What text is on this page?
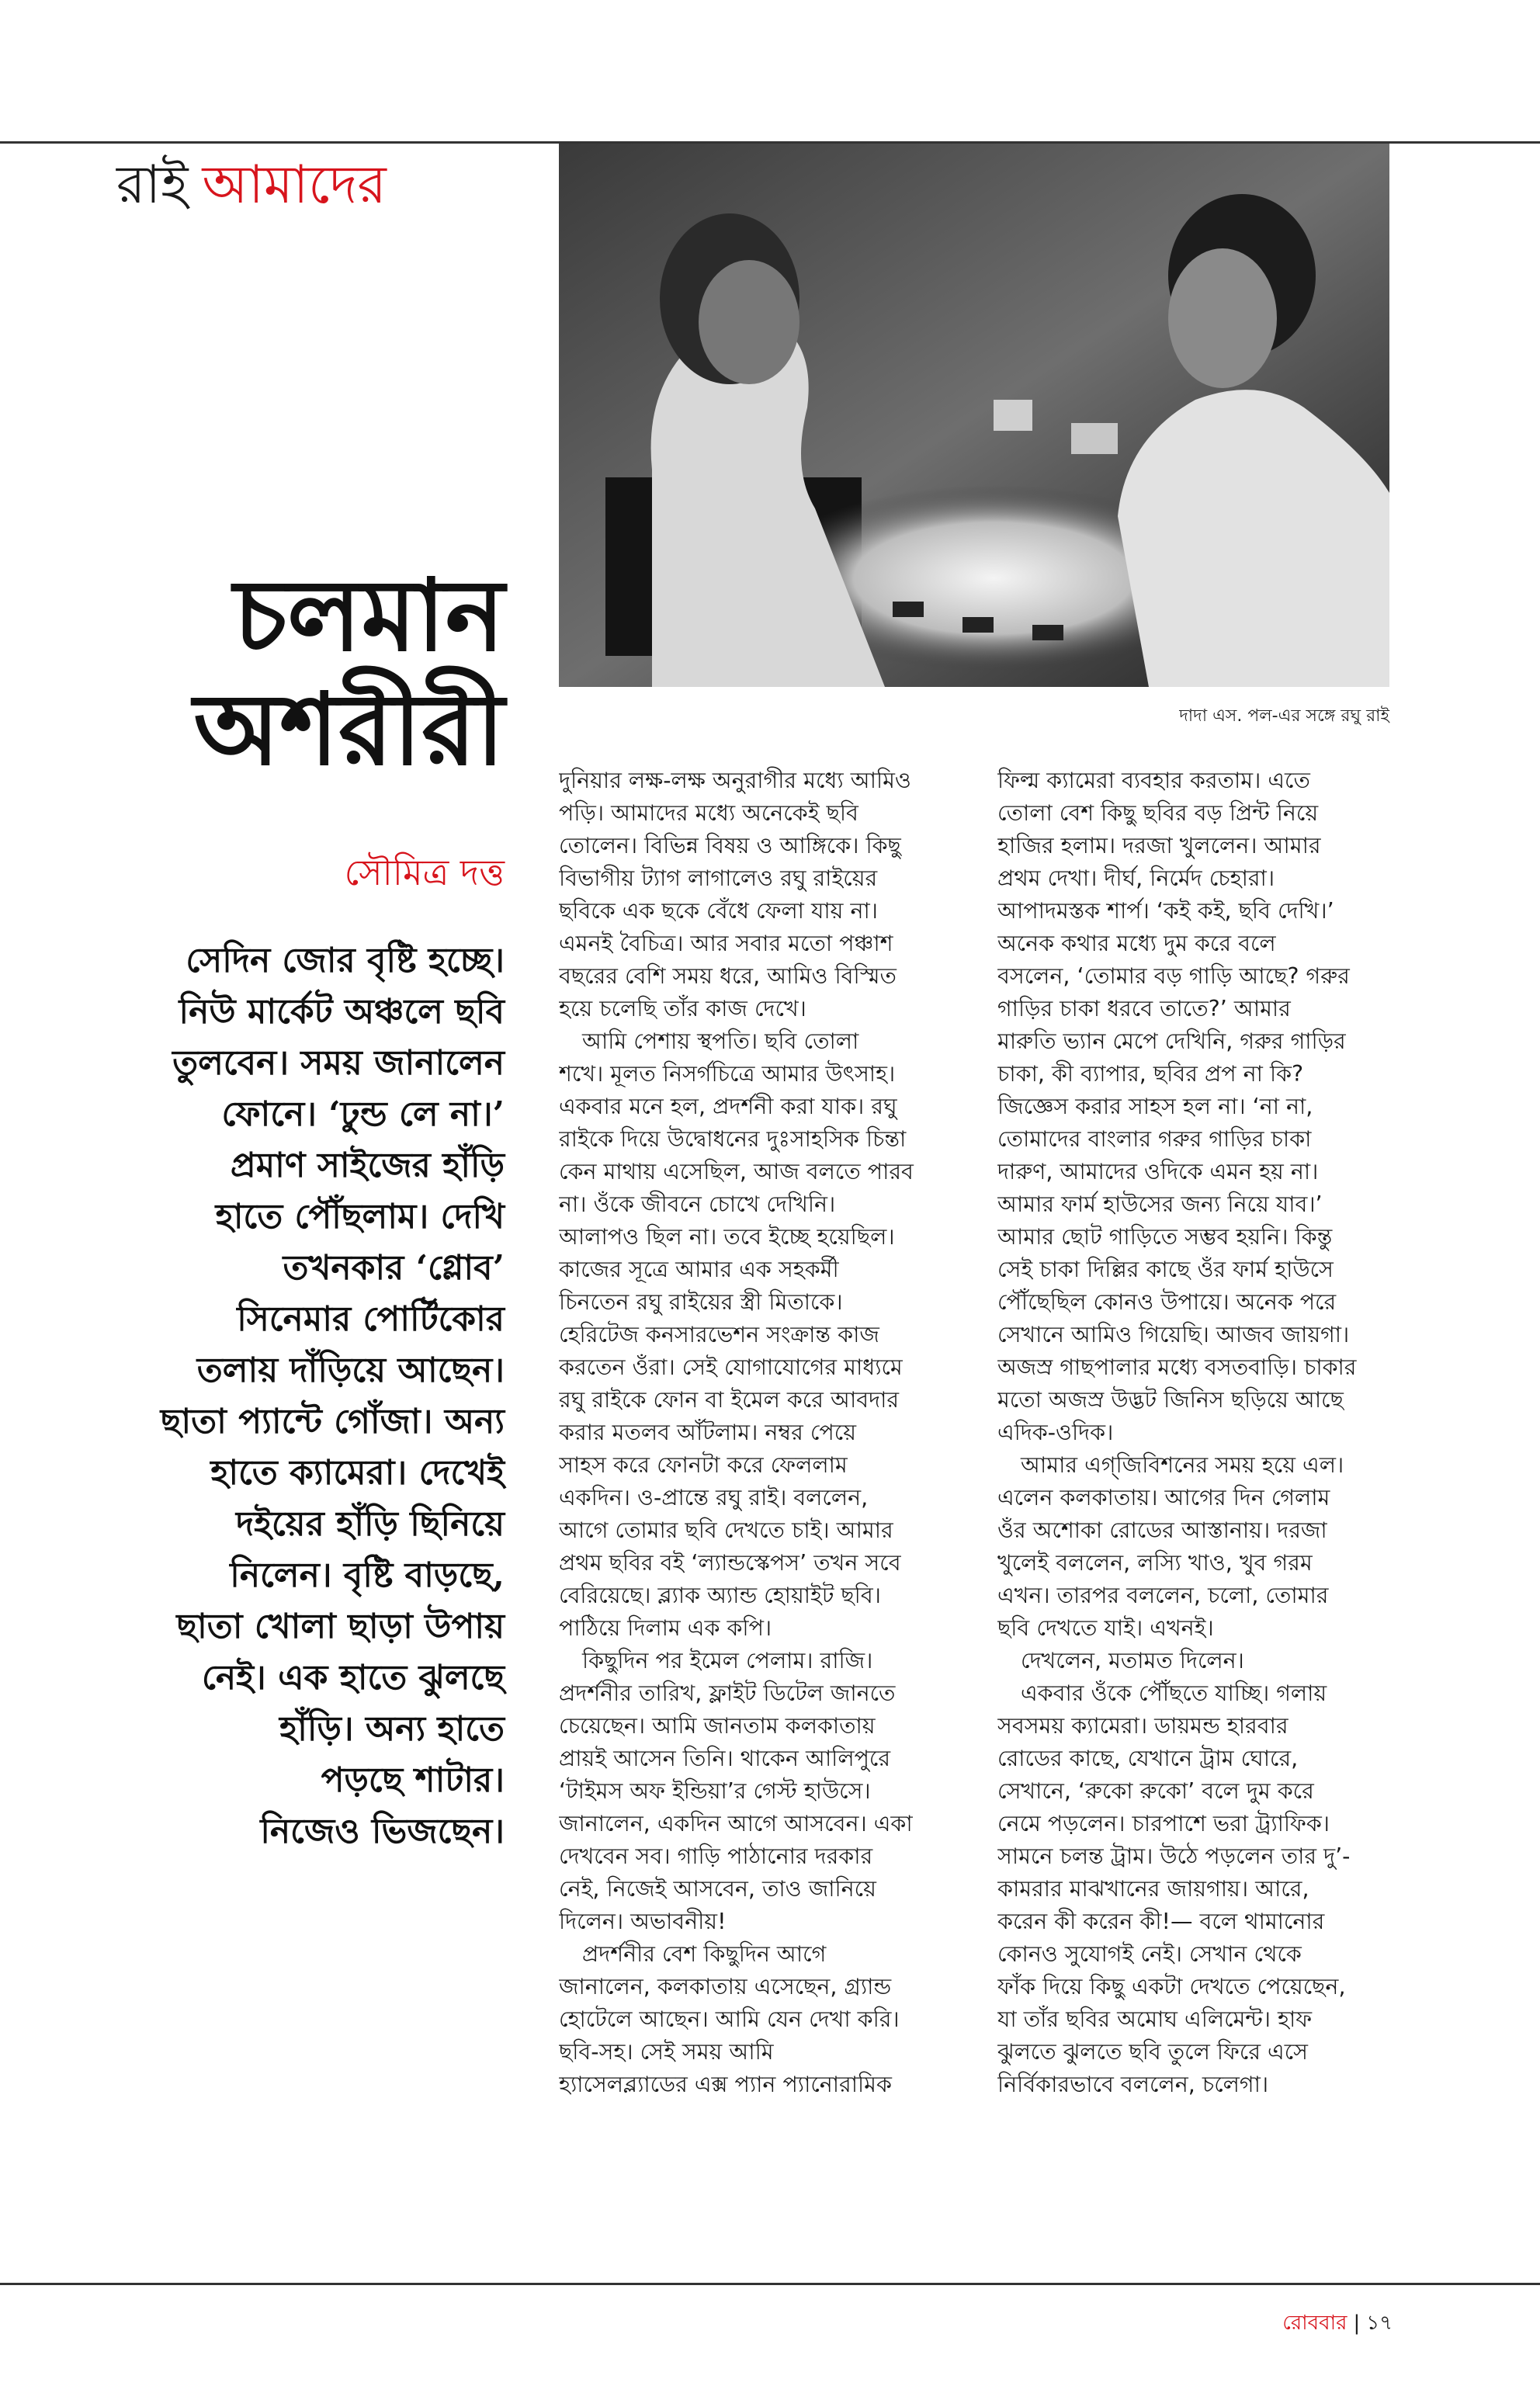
রাই আমাদের
দাদা এস. পল-এর সঙ্গে রঘু রাই
চলমান
অশরীরী
সৌমিত্র দত্ত
সেদিন জোর বৃষ্টি হচ্ছে।
নিউ মার্কেট অঞ্চলে ছবি
তুলবেন। সময় জানালেন
ফোনে। ‘ঢুন্ড লে না।’
প্রমাণ সাইজের হাঁড়ি
হাতে পৌঁছলাম। দেখি
তখনকার ‘গ্লোব’
সিনেমার পোর্টিকোর
তলায় দাঁড়িয়ে আছেন।
ছাতা প্যান্টে গোঁজা। অন্য
হাতে ক্যামেরা। দেখেই
দইয়ের হাঁড়ি ছিনিয়ে
নিলেন। বৃষ্টি বাড়ছে,
ছাতা খোলা ছাড়া উপায়
নেই। এক হাতে ঝুলছে
হাঁড়ি। অন্য হাতে
পড়ছে শাটার।
নিজেও ভিজছেন।
দুনিয়ার লক্ষ-লক্ষ অনুরাগীর মধ্যে আমিও
পড়ি। আমাদের মধ্যে অনেকেই ছবি
তোলেন। বিভিন্ন বিষয় ও আঙ্গিকে। কিছু
বিভাগীয় ট্যাগ লাগালেও রঘু রাইয়ের
ছবিকে এক ছকে বেঁধে ফেলা যায় না।
এমনই বৈচিত্র। আর সবার মতো পঞ্চাশ
বছরের বেশি সময় ধরে, আমিও বিস্মিত
হয়ে চলেছি তাঁর কাজ দেখে।
আমি পেশায় স্থপতি। ছবি তোলা
শখে। মূলত নিসর্গচিত্রে আমার উৎসাহ।
একবার মনে হল, প্রদর্শনী করা যাক। রঘু
রাইকে দিয়ে উদ্বোধনের দুঃসাহসিক চিন্তা
কেন মাথায় এসেছিল, আজ বলতে পারব
না। ওঁকে জীবনে চোখে দেখিনি।
আলাপও ছিল না। তবে ইচ্ছে হয়েছিল।
কাজের সূত্রে আমার এক সহকর্মী
চিনতেন রঘু রাইয়ের স্ত্রী মিতাকে।
হেরিটেজ কনসারভেশন সংক্রান্ত কাজ
করতেন ওঁরা। সেই যোগাযোগের মাধ্যমে
রঘু রাইকে ফোন বা ইমেল করে আবদার
করার মতলব আঁটলাম। নম্বর পেয়ে
সাহস করে ফোনটা করে ফেললাম
একদিন। ও-প্রান্তে রঘু রাই। বললেন,
আগে তোমার ছবি দেখতে চাই। আমার
প্রথম ছবির বই ‘ল্যান্ডস্কেপস’ তখন সবে
বেরিয়েছে। ব্ল্যাক অ্যান্ড হোয়াইট ছবি।
পাঠিয়ে দিলাম এক কপি।
কিছুদিন পর ইমেল পেলাম। রাজি।
প্রদর্শনীর তারিখ, ফ্লাইট ডিটেল জানতে
চেয়েছেন। আমি জানতাম কলকাতায়
প্রায়ই আসেন তিনি। থাকেন আলিপুরে
‘টাইমস অফ ইন্ডিয়া’র গেস্ট হাউসে।
জানালেন, একদিন আগে আসবেন। একা
দেখবেন সব। গাড়ি পাঠানোর দরকার
নেই, নিজেই আসবেন, তাও জানিয়ে
দিলেন। অভাবনীয়!
প্রদর্শনীর বেশ কিছুদিন আগে
জানালেন, কলকাতায় এসেছেন, গ্র্যান্ড
হোটেলে আছেন। আমি যেন দেখা করি।
ছবি-সহ। সেই সময় আমি
হ্যাসেলব্ল্যাডের এক্স প্যান প্যানোরামিক
ফিল্ম ক্যামেরা ব্যবহার করতাম। এতে
তোলা বেশ কিছু ছবির বড় প্রিন্ট নিয়ে
হাজির হলাম। দরজা খুললেন। আমার
প্রথম দেখা। দীর্ঘ, নির্মেদ চেহারা।
আপাদমস্তক শার্প। ‘কই কই, ছবি দেখি।’
অনেক কথার মধ্যে দুম করে বলে
বসলেন, ‘তোমার বড় গাড়ি আছে? গরুর
গাড়ির চাকা ধরবে তাতে?’ আমার
মারুতি ভ্যান মেপে দেখিনি, গরুর গাড়ির
চাকা, কী ব্যাপার, ছবির প্রপ না কি?
জিজ্ঞেস করার সাহস হল না। ‘না না,
তোমাদের বাংলার গরুর গাড়ির চাকা
দারুণ, আমাদের ওদিকে এমন হয় না।
আমার ফার্ম হাউসের জন্য নিয়ে যাব।’
আমার ছোট গাড়িতে সম্ভব হয়নি। কিন্তু
সেই চাকা দিল্লির কাছে ওঁর ফার্ম হাউসে
পৌঁছেছিল কোনও উপায়ে। অনেক পরে
সেখানে আমিও গিয়েছি। আজব জায়গা।
অজস্র গাছপালার মধ্যে বসতবাড়ি। চাকার
মতো অজস্র উদ্ভট জিনিস ছড়িয়ে আছে
এদিক-ওদিক।
আমার এগ্‌জিবিশনের সময় হয়ে এল।
এলেন কলকাতায়। আগের দিন গেলাম
ওঁর অশোকা রোডের আস্তানায়। দরজা
খুলেই বললেন, লস্যি খাও, খুব গরম
এখন। তারপর বললেন, চলো, তোমার
ছবি দেখতে যাই। এখনই।
দেখলেন, মতামত দিলেন।
একবার ওঁকে পৌঁছতে যাচ্ছি। গলায়
সবসময় ক্যামেরা। ডায়মন্ড হারবার
রোডের কাছে, যেখানে ট্রাম ঘোরে,
সেখানে, ‘রুকো রুকো’ বলে দুম করে
নেমে পড়লেন। চারপাশে ভরা ট্র্যাফিক।
সামনে চলন্ত ট্রাম। উঠে পড়লেন তার দু’-
কামরার মাঝখানের জায়গায়। আরে,
করেন কী করেন কী!— বলে থামানোর
কোনও সুযোগই নেই। সেখান থেকে
ফাঁক দিয়ে কিছু একটা দেখতে পেয়েছেন,
যা তাঁর ছবির অমোঘ এলিমেন্ট। হাফ
ঝুলতে ঝুলতে ছবি তুলে ফিরে এসে
নির্বিকারভাবে বললেন, চলেগা।
রোববার | ১৭
